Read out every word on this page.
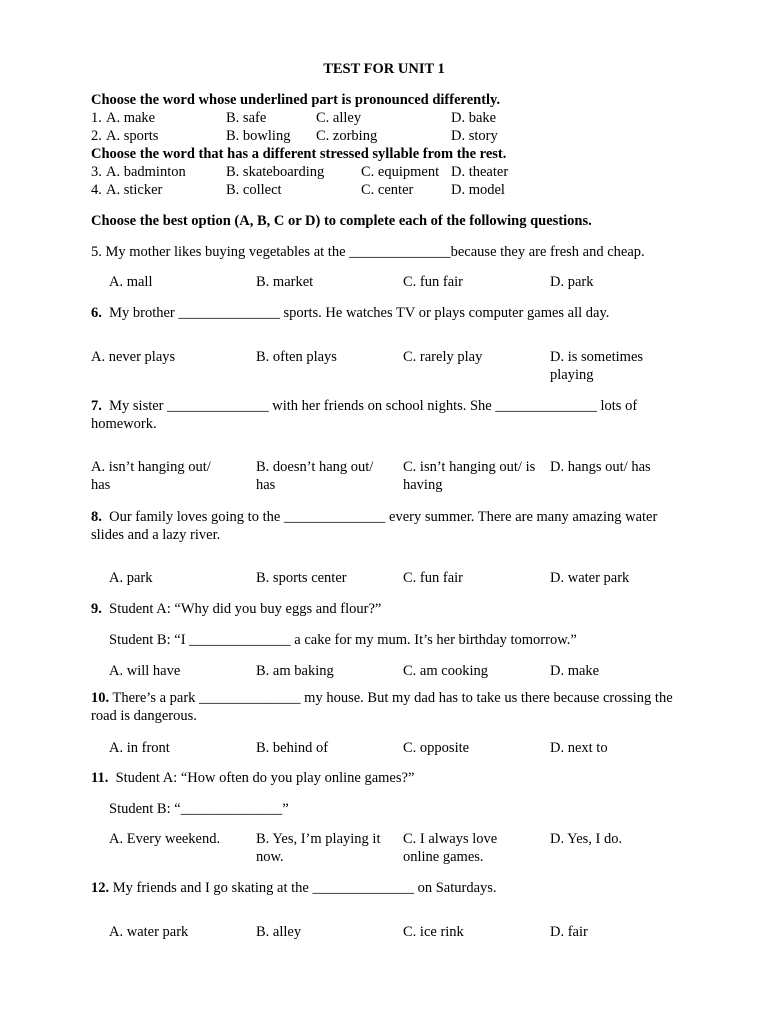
TEST FOR UNIT 1
Choose the word whose underlined part is pronounced differently.
1. A. make	B. safe	C. alley	D. bake
2. A. sports	B. bowling C. zorbing	D. story
Choose the word that has a different stressed syllable from the rest.
3. A. badminton	B. skateboarding	C. equipment D. theater
4. A. sticker	B. collect	C. center	D. model
Choose the best option (A, B, C or D) to complete each of the following questions.
5. My mother likes buying vegetables at the ______________because they are fresh and cheap.
A. mall	B. market	C. fun fair	D. park
6. My brother ______________ sports. He watches TV or plays computer games all day.
A. never plays	B. often plays	C. rarely play	D. is sometimes playing
7. My sister ______________ with her friends on school nights. She ______________ lots of homework.
A. isn’t hanging out/ has
B. doesn’t hang out/ has
C. isn’t hanging out/ is having
D. hangs out/ has
8. Our family loves going to the ______________ every summer. There are many amazing water slides and a lazy river.
A. park	B. sports center	C. fun fair	D. water park
9. Student A: “Why did you buy eggs and flour?”
Student B: “I ______________ a cake for my mum. It’s her birthday tomorrow.”
A. will have	B. am baking	C. am cooking	D. make
10. There’s a park ______________ my house. But my dad has to take us there because crossing the road is dangerous.
A. in front	B. behind of	C. opposite	D. next to
11. Student A: “How often do you play online games?”
Student B: “______________”
A. Every weekend. B. Yes, I’m playing it now.
C. I always love online games.
D. Yes, I do.
12. My friends and I go skating at the ______________ on Saturdays.
A. water park	B. alley	C. ice rink	D. fair
